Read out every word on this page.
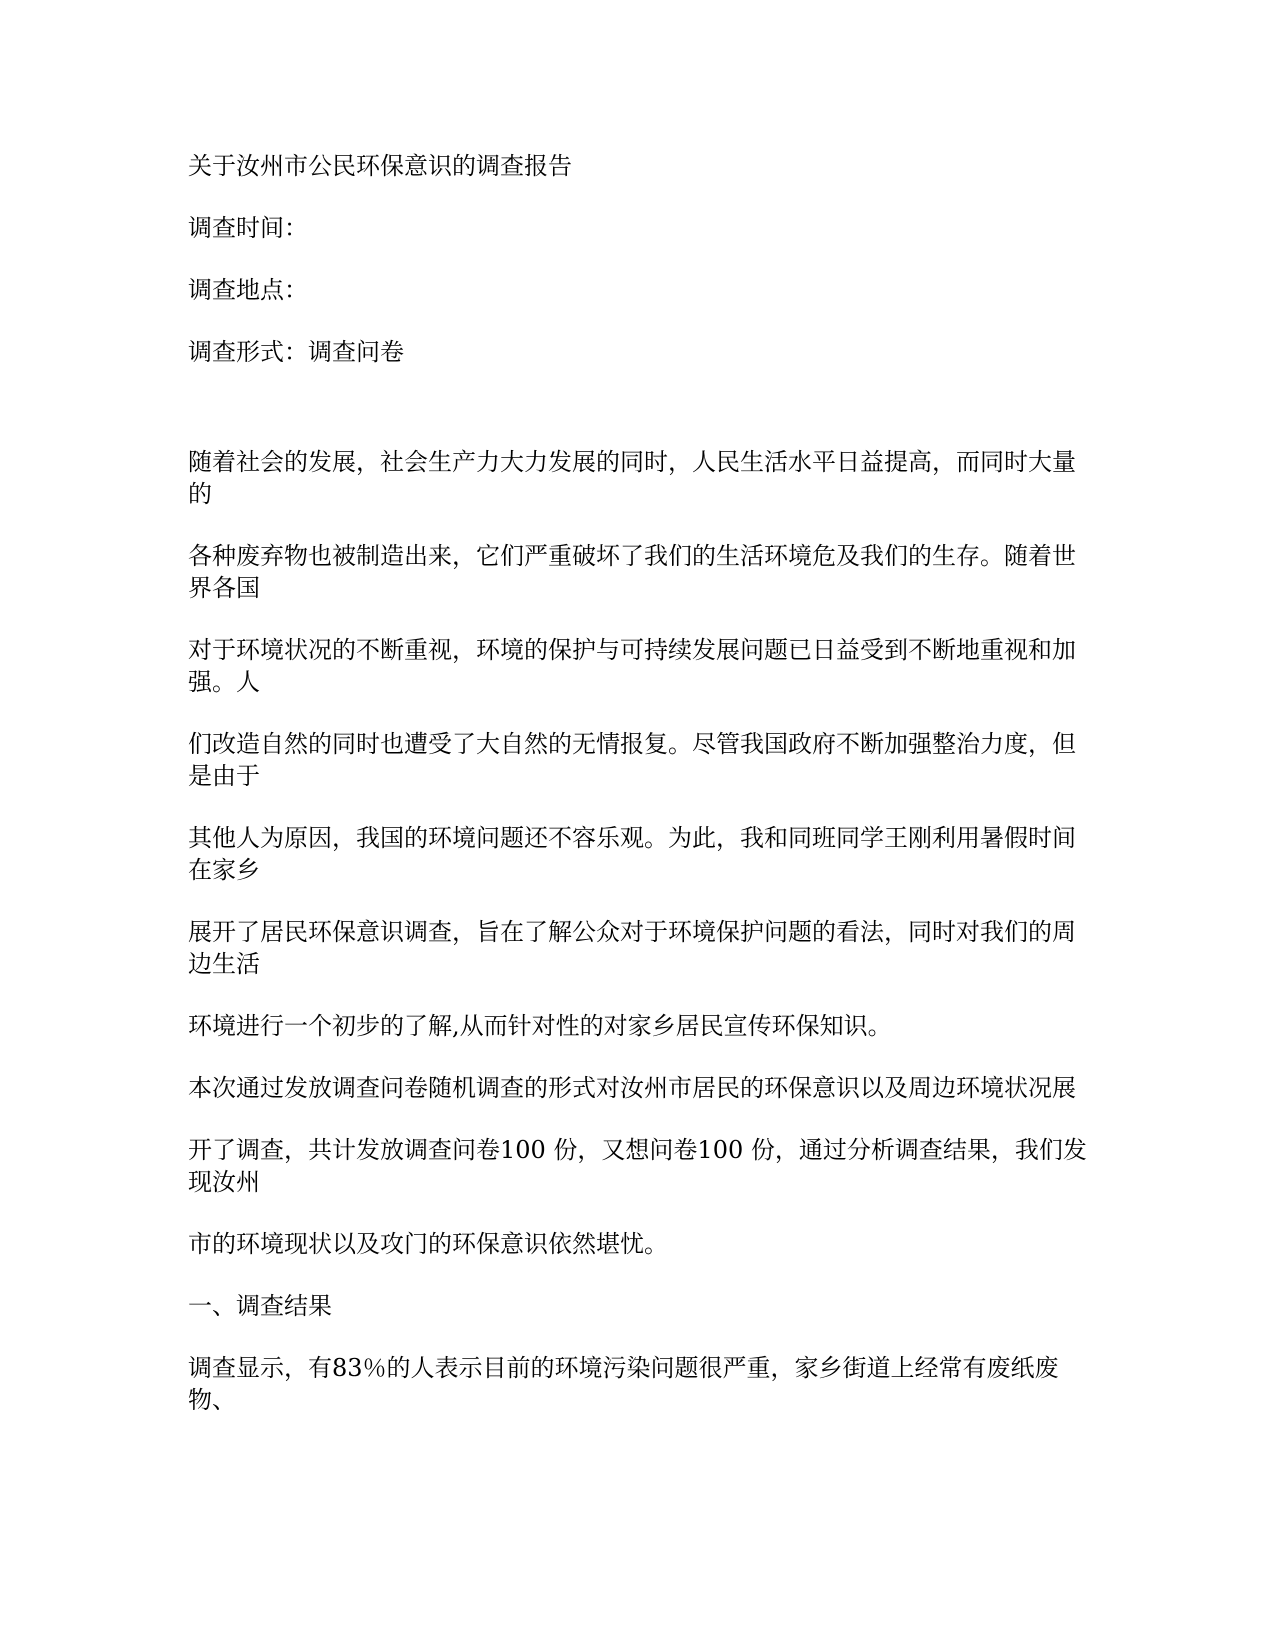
关于汝州市公民环保意识的调查报告
调查时间：
调查地点：
调查形式：调查问卷
随着社会的发展，社会生产力大力发展的同时，人民生活水平日益提高，而同时大量的
各种废弃物也被制造出来，它们严重破坏了我们的生活环境危及我们的生存。随着世界各国
对于环境状况的不断重视，环境的保护与可持续发展问题已日益受到不断地重视和加强。人
们改造自然的同时也遭受了大自然的无情报复。尽管我国政府不断加强整治力度，但是由于
其他人为原因，我国的环境问题还不容乐观。为此，我和同班同学王刚利用暑假时间在家乡
展开了居民环保意识调查，旨在了解公众对于环境保护问题的看法，同时对我们的周边生活
环境进行一个初步的了解,从而针对性的对家乡居民宣传环保知识。
本次通过发放调查问卷随机调查的形式对汝州市居民的环保意识以及周边环境状况展
开了调查，共计发放调查问卷100 份，又想问卷100 份，通过分析调查结果，我们发现汝州
市的环境现状以及攻门的环保意识依然堪忧。
一、调查结果
调查显示，有83％的人表示目前的环境污染问题很严重，家乡街道上经常有废纸废物、
